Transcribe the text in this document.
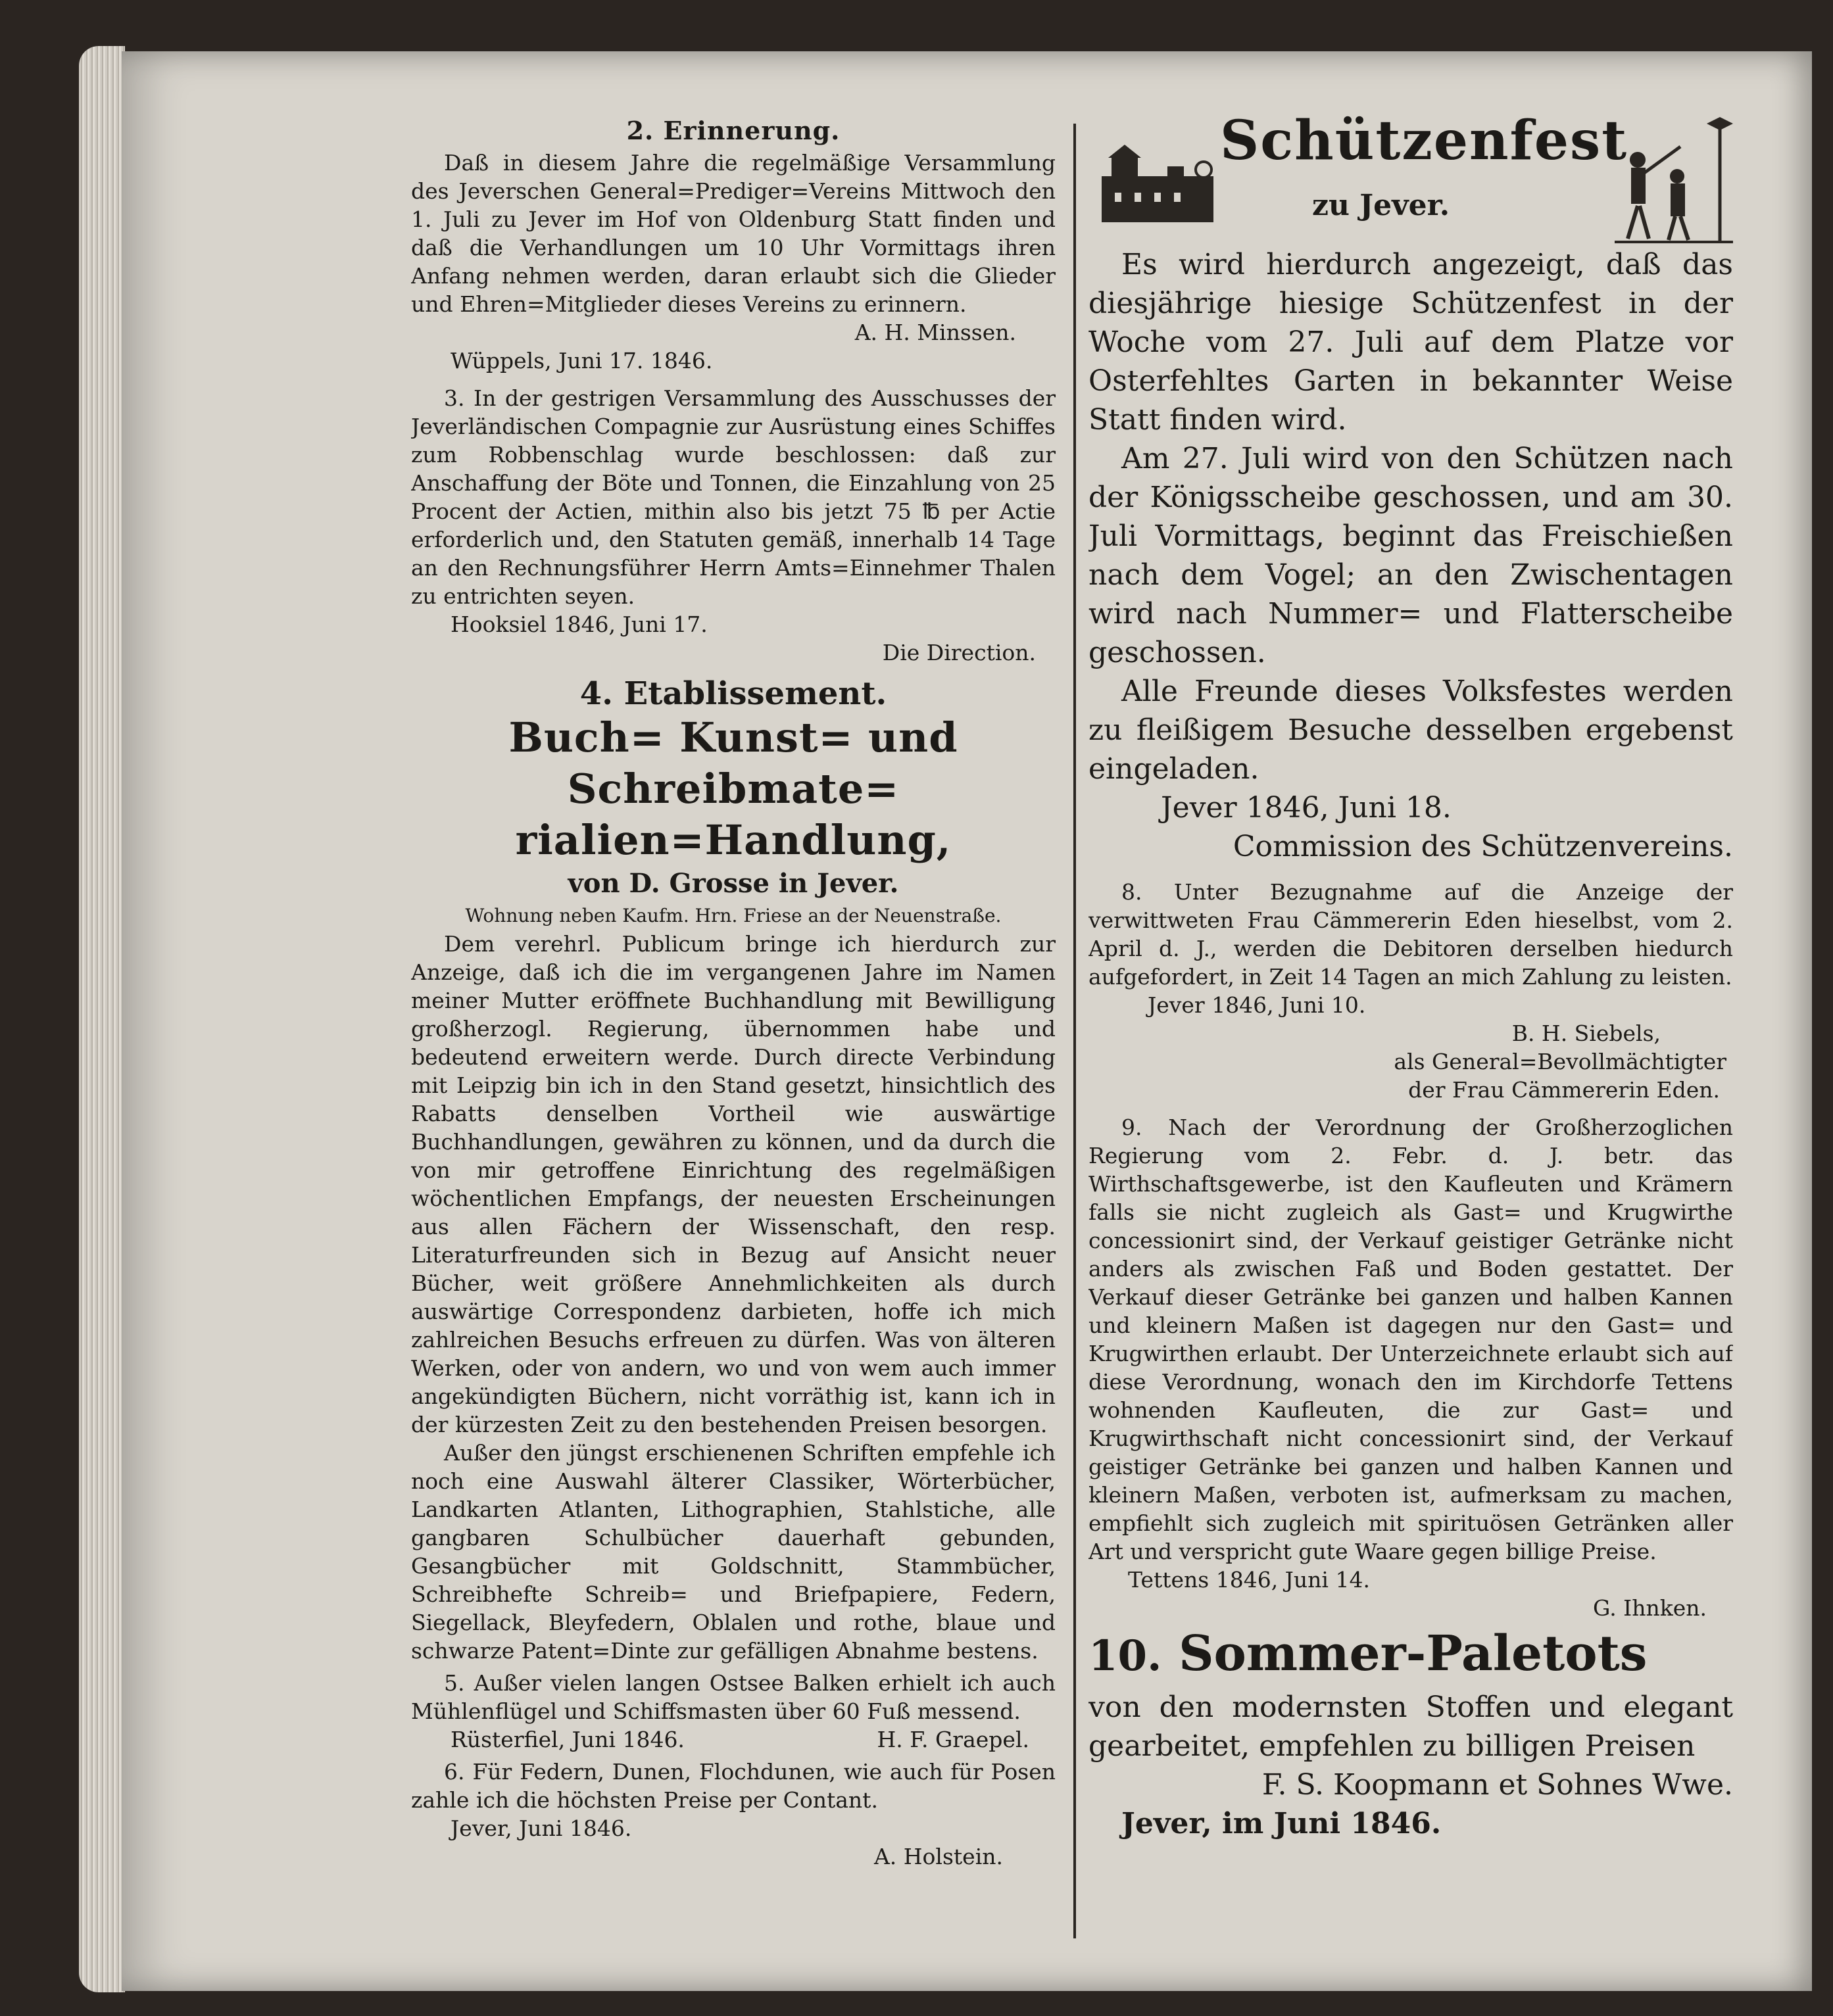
2. Erinnerung.

Daß in diesem Jahre die regelmäßige Versammlung des Jeverschen General=Prediger=Vereins Mittwoch den 1. Juli zu Jever im Hof von Oldenburg Statt finden und daß die Verhandlungen um 10 Uhr Vormittags ihren Anfang nehmen werden, daran erlaubt sich die Glieder und Ehren=Mitglieder dieses Vereins zu erinnern.

A. H. Minssen.

Wüppels, Juni 17. 1846.

3. In der gestrigen Versammlung des Ausschusses der Jeverländischen Compagnie zur Ausrüstung eines Schiffes zum Robbenschlag wurde beschlossen: daß zur Anschaffung der Böte und Tonnen, die Einzahlung von 25 Procent der Actien, mithin also bis jetzt 75 ℔ per Actie erforderlich und, den Statuten gemäß, innerhalb 14 Tage an den Rechnungsführer Herrn Amts=Einnehmer Thalen zu entrichten seyen.

Hooksiel 1846, Juni 17.

Die Direction.

4. Etablissement.
Buch= Kunst= und Schreibmate=
rialien=Handlung,
von D. Grosse in Jever.
Wohnung neben Kaufm. Hrn. Friese an der Neuenstraße.

Dem verehrl. Publicum bringe ich hierdurch zur Anzeige, daß ich die im vergangenen Jahre im Namen meiner Mutter eröffnete Buchhandlung mit Bewilligung großherzogl. Regierung, übernommen habe und bedeutend erweitern werde. Durch directe Verbindung mit Leipzig bin ich in den Stand gesetzt, hinsichtlich des Rabatts denselben Vortheil wie auswärtige Buchhandlungen, gewähren zu können, und da durch die von mir getroffene Einrichtung des regelmäßigen wöchentlichen Empfangs, der neuesten Erscheinungen aus allen Fächern der Wissenschaft, den resp. Literaturfreunden sich in Bezug auf Ansicht neuer Bücher, weit größere Annehmlichkeiten als durch auswärtige Correspondenz darbieten, hoffe ich mich zahlreichen Besuchs erfreuen zu dürfen. Was von älteren Werken, oder von andern, wo und von wem auch immer angekündigten Büchern, nicht vorräthig ist, kann ich in der kürzesten Zeit zu den bestehenden Preisen besorgen.

Außer den jüngst erschienenen Schriften empfehle ich noch eine Auswahl älterer Classiker, Wörterbücher, Landkarten Atlanten, Lithographien, Stahlstiche, alle gangbaren Schulbücher dauerhaft gebunden, Gesangbücher mit Goldschnitt, Stammbücher, Schreibhefte Schreib= und Briefpapiere, Federn, Siegellack, Bleyfedern, Oblalen und rothe, blaue und schwarze Patent=Dinte zur gefälligen Abnahme bestens.

5. Außer vielen langen Ostsee Balken erhielt ich auch Mühlenflügel und Schiffsmasten über 60 Fuß messend.

Rüsterfiel, Juni 1846.	H. F. Graepel.

6. Für Federn, Dunen, Flochdunen, wie auch für Posen zahle ich die höchsten Preise per Contant.

Jever, Juni 1846.

A. Holstein.

Schützenfest
zu Jever.

Es wird hierdurch angezeigt, daß das diesjährige hiesige Schützenfest in der Woche vom 27. Juli auf dem Platze vor Osterfehltes Garten in bekannter Weise Statt finden wird.

Am 27. Juli wird von den Schützen nach der Königsscheibe geschossen, und am 30. Juli Vormittags, beginnt das Freischießen nach dem Vogel; an den Zwischentagen wird nach Nummer= und Flatterscheibe geschossen.

Alle Freunde dieses Volksfestes werden zu fleißigem Besuche desselben ergebenst eingeladen.

Jever 1846, Juni 18.

Commission des Schützenvereins.

8. Unter Bezugnahme auf die Anzeige der verwittweten Frau Cämmererin Eden hieselbst, vom 2. April d. J., werden die Debitoren derselben hiedurch aufgefordert, in Zeit 14 Tagen an mich Zahlung zu leisten.

Jever 1846, Juni 10.

B. H. Siebels,

als General=Bevollmächtigter

der Frau Cämmererin Eden.

9. Nach der Verordnung der Großherzoglichen Regierung vom 2. Febr. d. J. betr. das Wirthschaftsgewerbe, ist den Kaufleuten und Krämern falls sie nicht zugleich als Gast= und Krugwirthe concessionirt sind, der Verkauf geistiger Getränke nicht anders als zwischen Faß und Boden gestattet. Der Verkauf dieser Getränke bei ganzen und halben Kannen und kleinern Maßen ist dagegen nur den Gast= und Krugwirthen erlaubt. Der Unterzeichnete erlaubt sich auf diese Verordnung, wonach den im Kirchdorfe Tettens wohnenden Kaufleuten, die zur Gast= und Krugwirthschaft nicht concessionirt sind, der Verkauf geistiger Getränke bei ganzen und halben Kannen und kleinern Maßen, verboten ist, aufmerksam zu machen, empfiehlt sich zugleich mit spirituösen Getränken aller Art und verspricht gute Waare gegen billige Preise.

Tettens 1846, Juni 14.

G. Ihnken.

10. Sommer-Paletots

von den modernsten Stoffen und elegant gearbeitet, empfehlen zu billigen Preisen

F. S. Koopmann et Sohnes Wwe.

Jever, im Juni 1846.
